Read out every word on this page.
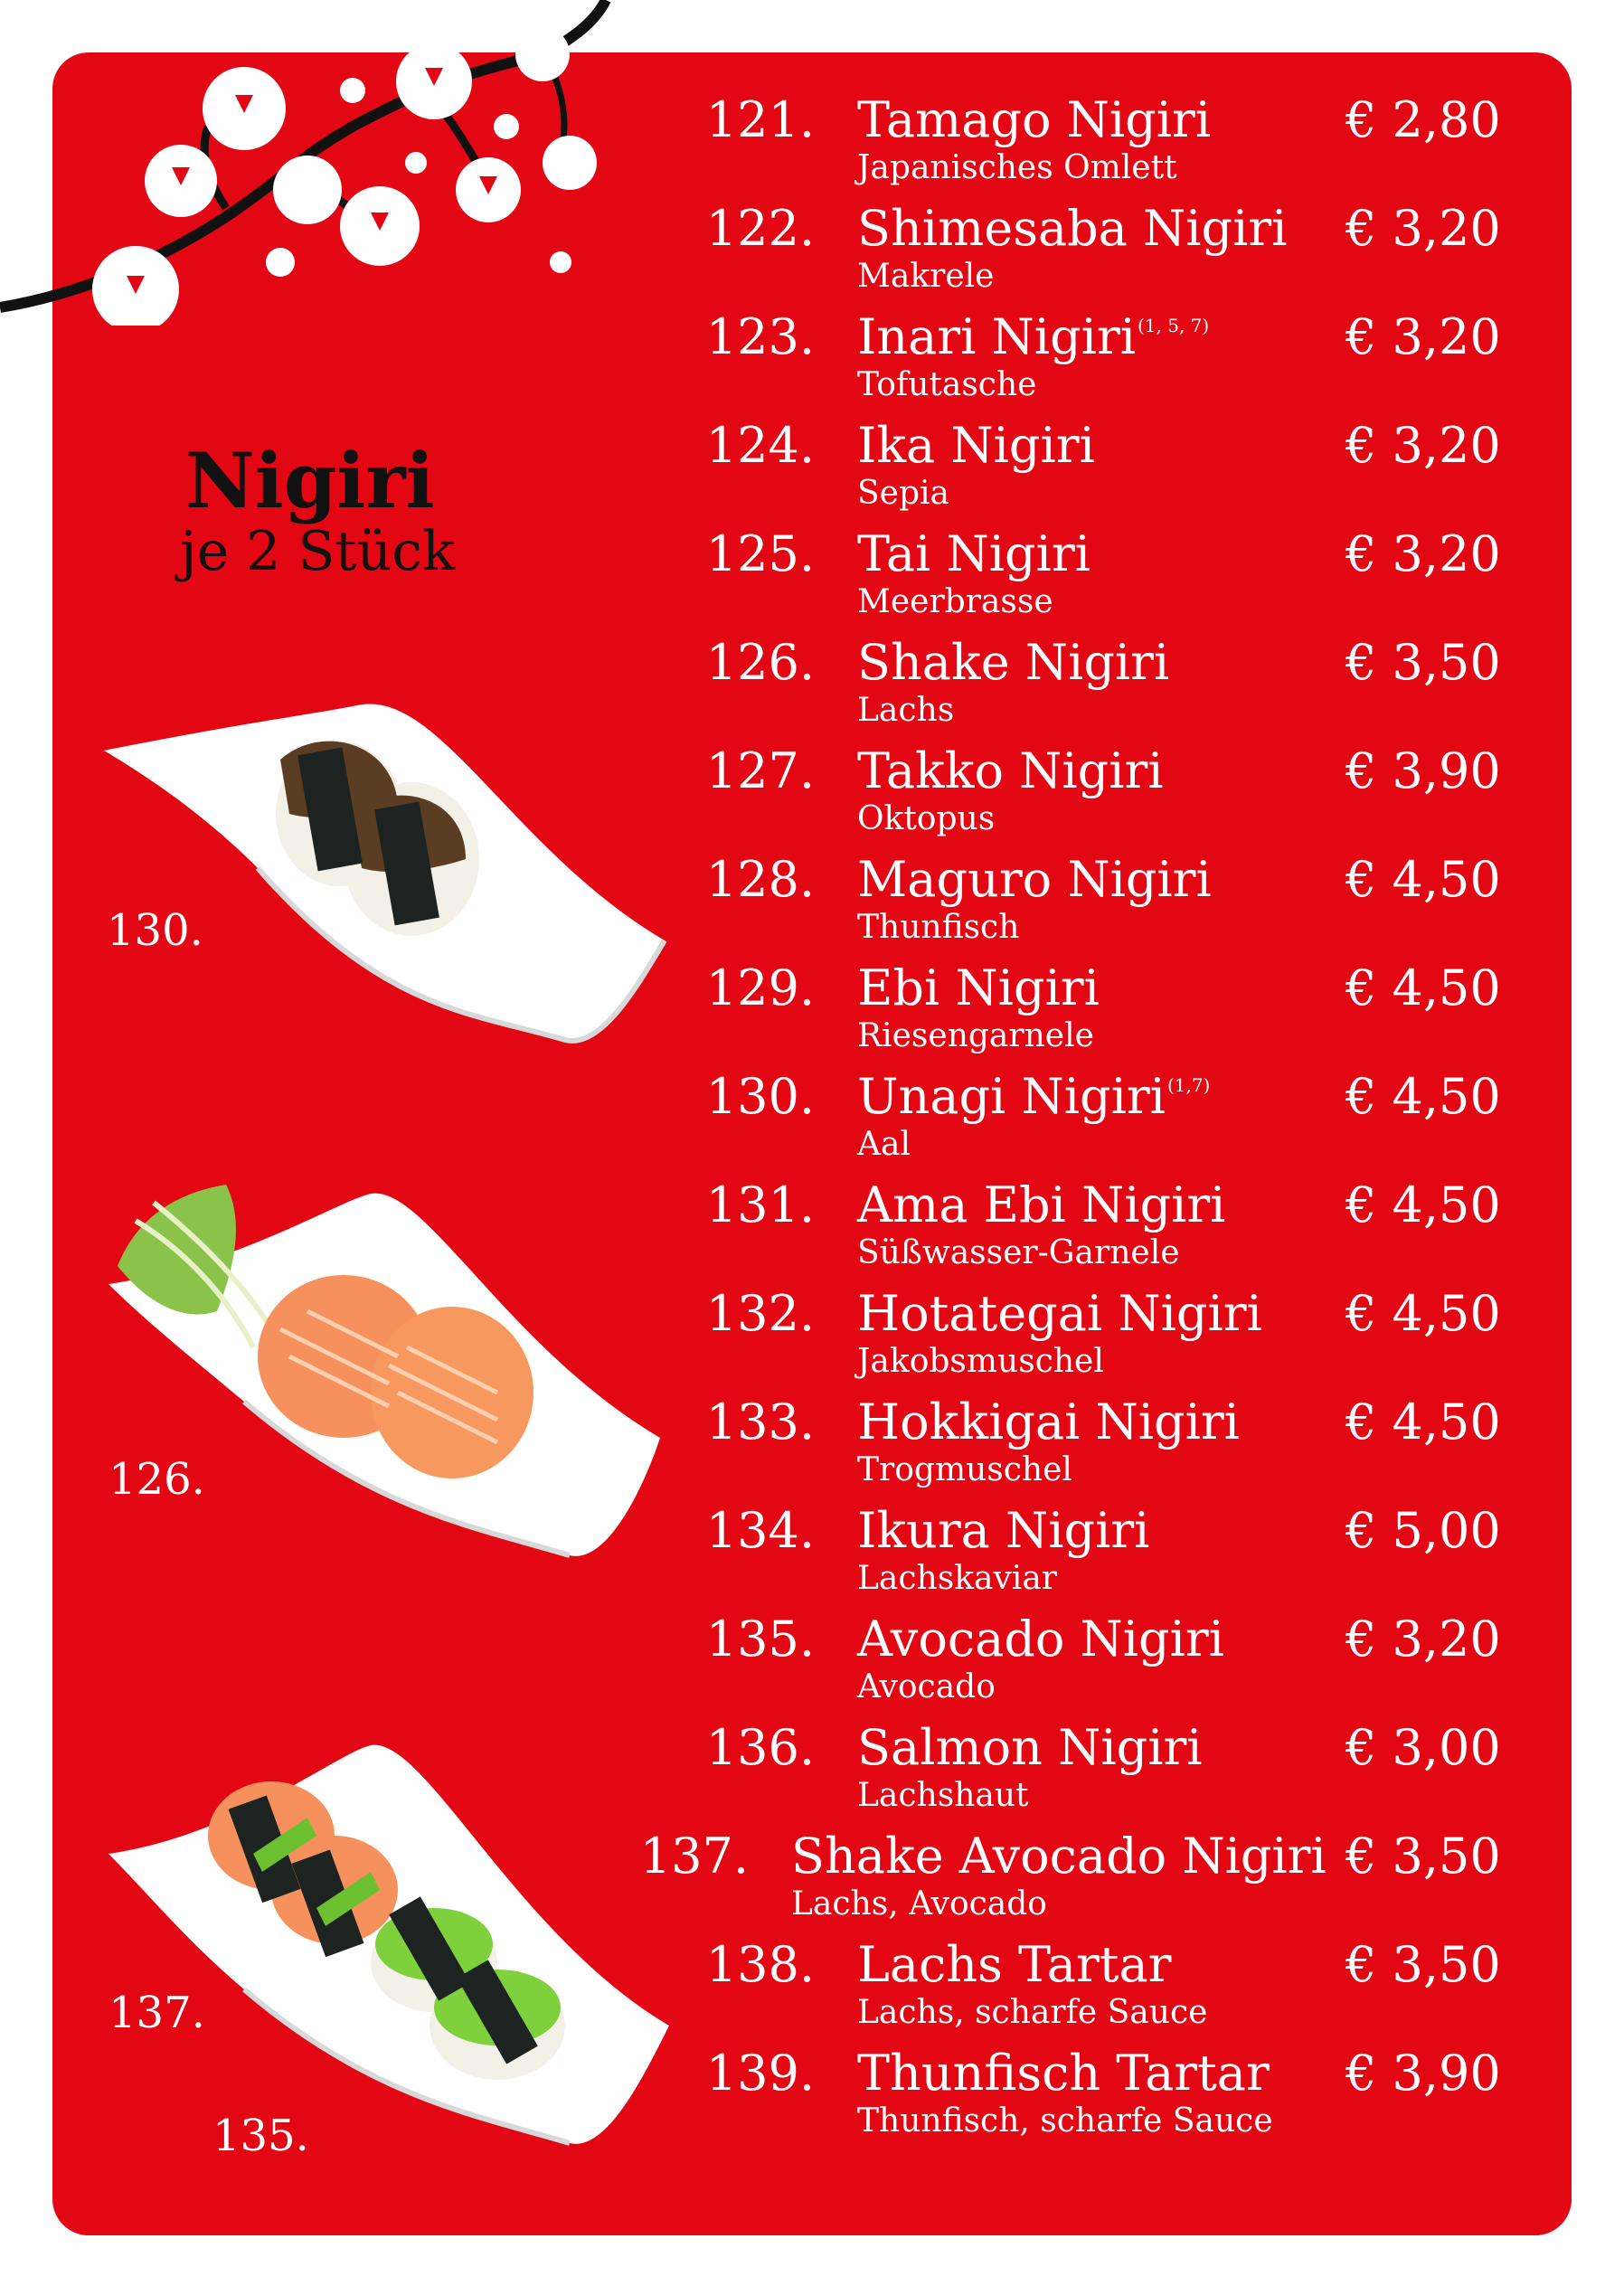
Nigiri
je 2 Stück
130.
126.
137.
135.
121. Tamago Nigiri	€ 2,80
Japanisches Omlett
122. Shimesaba Nigiri € 3,20
Makrele
123. Inari Nigiri $^{(1, 5, 7)}$	€ 3,20
Tofutasche
124. Ika Nigiri	€ 3,20
Sepia
125. Tai Nigiri	€ 3,20
Meerbrasse
126. Shake Nigiri	€ 3,50
Lachs
127. Takko Nigiri	€ 3,90
Oktopus
128. Maguro Nigiri	€ 4,50
Thunfisch
129. Ebi Nigiri	€ 4,50
Riesengarnele
130. Unagi Nigiri $^{(1,7)}$	€ 4,50
Aal
131. Ama Ebi Nigiri € 4,50
Süßwasser-Garnele
132. Hotategai Nigiri € 4,50
Jakobsmuschel
133. Hokkigai Nigiri € 4,50
Trogmuschel
134. Ikura Nigiri	€ 5,00
Lachskaviar
135. Avocado Nigiri € 3,20
Avocado
136. Salmon Nigiri	€ 3,00
Lachshaut
137. Shake Avocado Nigiri € 3,50
Lachs, Avocado
138. Lachs Tartar	€ 3,50
Lachs, scharfe Sauce
139. Thunfisch Tartar € 3,90
Thunfisch, scharfe Sauce
